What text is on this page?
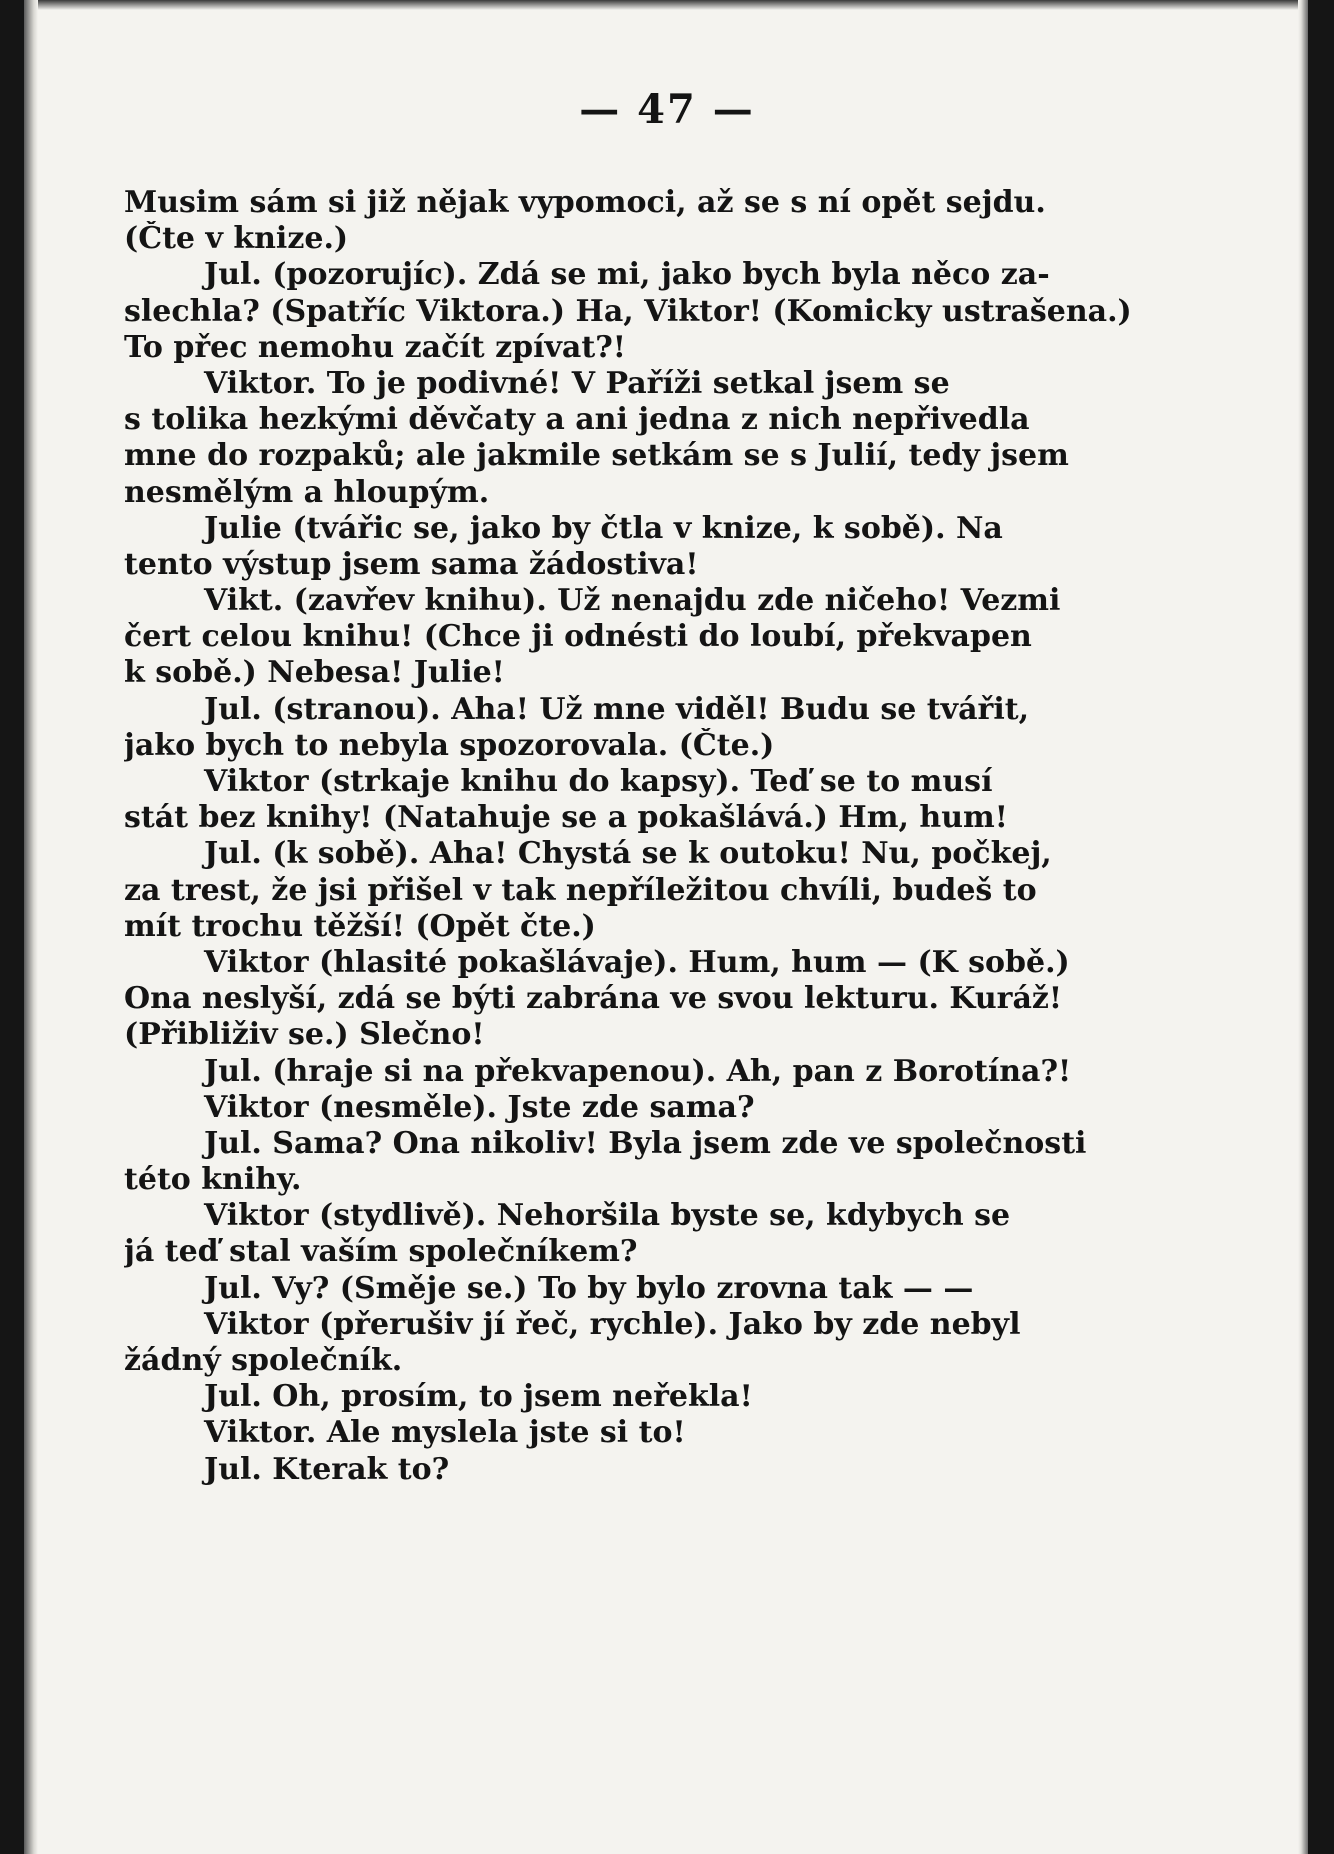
— 47 —
Musim sám si již nějak vypomoci, až se s ní opět sejdu.
(Čte v knize.)
Jul. (pozorujíc). Zdá se mi, jako bych byla něco za-
slechla? (Spatříc Viktora.) Ha, Viktor! (Komicky ustrašena.)
To přec nemohu začít zpívat?!
Viktor. To je podivné! V Paříži setkal jsem se
s tolika hezkými děvčaty a ani jedna z nich nepřivedla
mne do rozpaků; ale jakmile setkám se s Julií, tedy jsem
nesmělým a hloupým.
Julie (tvářic se, jako by čtla v knize, k sobě). Na
tento výstup jsem sama žádostiva!
Vikt. (zavřev knihu). Už nenajdu zde ničeho! Vezmi
čert celou knihu! (Chce ji odnésti do loubí, překvapen
k sobě.) Nebesa! Julie!
Jul. (stranou). Aha! Už mne viděl! Budu se tvářit,
jako bych to nebyla spozorovala. (Čte.)
Viktor (strkaje knihu do kapsy). Teď se to musí
stát bez knihy! (Natahuje se a pokašlává.) Hm, hum!
Jul. (k sobě). Aha! Chystá se k outoku! Nu, počkej,
za trest, že jsi přišel v tak nepříležitou chvíli, budeš to
mít trochu těžší! (Opět čte.)
Viktor (hlasité pokašlávaje). Hum, hum — (K sobě.)
Ona neslyší, zdá se býti zabrána ve svou lekturu. Kuráž!
(Přibliživ se.) Slečno!
Jul. (hraje si na překvapenou). Ah, pan z Borotína?!
Viktor (nesměle). Jste zde sama?
Jul. Sama? Ona nikoliv! Byla jsem zde ve společnosti
této knihy.
Viktor (stydlivě). Nehoršila byste se, kdybych se
já teď stal vaším společníkem?
Jul. Vy? (Směje se.) To by bylo zrovna tak — —
Viktor (přerušiv jí řeč, rychle). Jako by zde nebyl
žádný společník.
Jul. Oh, prosím, to jsem neřekla!
Viktor. Ale myslela jste si to!
Jul. Kterak to?
